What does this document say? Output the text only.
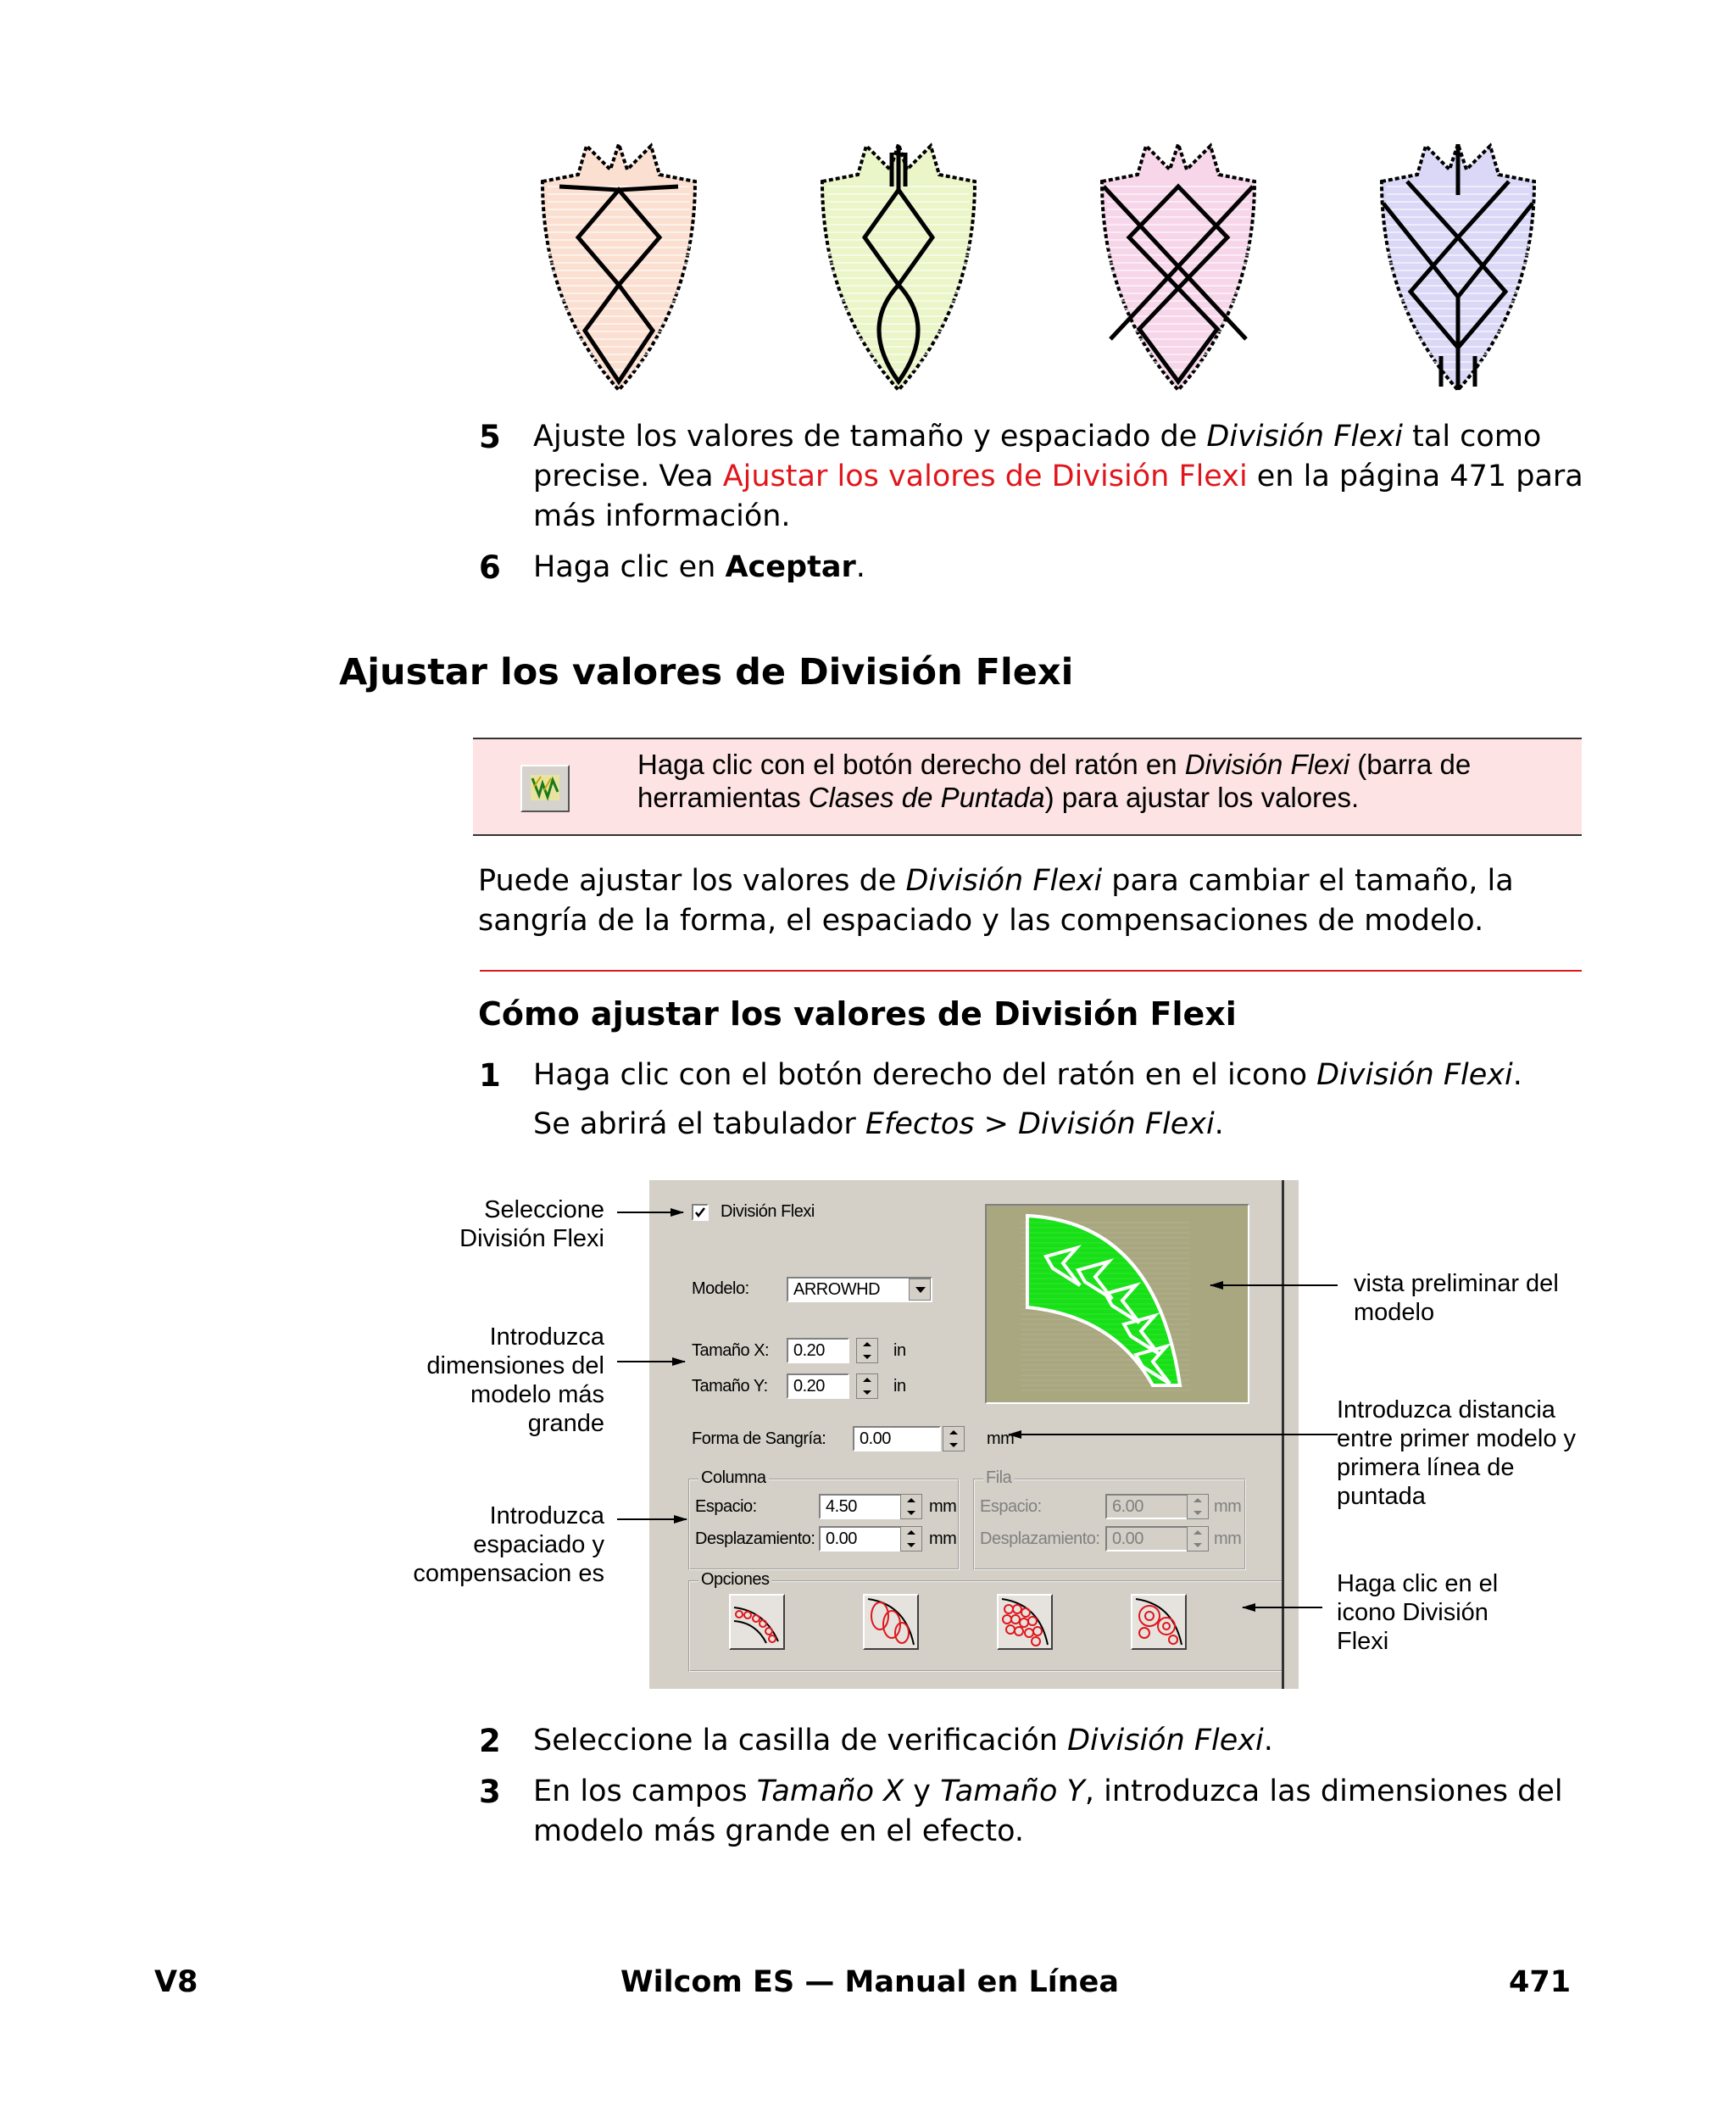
5 Ajuste los valores de tamaño y espaciado de División Flexi tal como precise. Vea Ajustar los valores de División Flexi en la página 471 para más información.
6 Haga clic en Aceptar.
Ajustar los valores de División Flexi
Haga clic con el botón derecho del ratón en División Flexi (barra de herramientas Clases de Puntada) para ajustar los valores.
Puede ajustar los valores de División Flexi para cambiar el tamaño, la sangría de la forma, el espaciado y las compensaciones de modelo.
Cómo ajustar los valores de División Flexi
1 Haga clic con el botón derecho del ratón en el icono División Flexi.
Se abrirá el tabulador Efectos > División Flexi.
División Flexi
Modelo:	ARROWHD
Tamaño X:	0.20	in
Tamaño Y:	0.20	in
Forma de Sangría:	0.00	mm
Columna
Espacio:	4.50	mm
Desplazamiento: 0.00	mm
Fila
Espacio:	6.00	mm
Desplazamiento: 0.00	mm
Opciones
Seleccione División Flexi
Introduzca dimensiones del modelo más grande
Introduzca espaciado y compensacion es
vista preliminar del modelo
Introduzca distancia entre primer modelo y primera línea de puntada
Haga clic en el icono División Flexi
2 Seleccione la casilla de verificación División Flexi.
3 En los campos Tamaño X y Tamaño Y, introduzca las dimensiones del modelo más grande en el efecto.
V8	Wilcom ES — Manual en Línea	471
